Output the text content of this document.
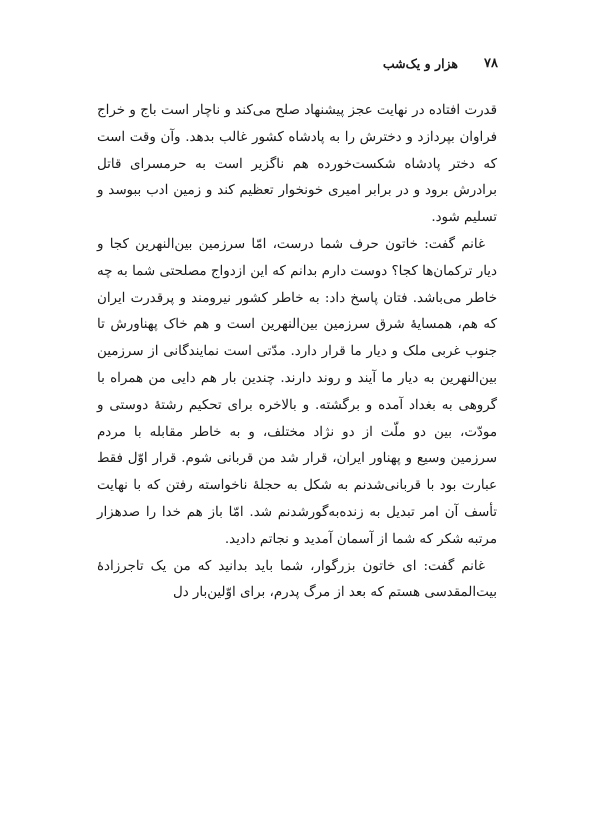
۷۸
هزار و یک‌شب

قدرت افتاده در نهایت عجز پیشنهاد صلح می‌کند و ناچار است باج و خراج فراوان بپردازد و دخترش را به پادشاه کشور غالب بدهد. وآن وقت است که دختر پادشاه شکست‌خورده هم ناگزیر است به حرمسرای قاتل برادرش برود و در برابر امیری خونخوار تعظیم کند و زمین ادب ببوسد و تسلیم شود.

غانم گفت: خاتون حرف شما درست، امّا سرزمین بین‌النهرین کجا و دیار ترکمان‌ها کجا؟ دوست دارم بدانم که این ازدواج مصلحتی شما به چه خاطر می‌باشد. فتان پاسخ داد: به خاطر کشور نیرومند و پرقدرت ایران که هم، همسایهٔ شرق سرزمین بین‌النهرین است و هم خاک پهناورش تا جنوب غربی ملک و دیار ما قرار دارد. مدّتی است نمایندگانی از سرزمین بین‌النهرین به دیار ما آیند و روند دارند. چندین بار هم دایی من همراه با گروهی به بغداد آمده و برگشته. و بالاخره برای تحکیم رشتهٔ دوستی و مودّت، بین دو ملّت از دو نژاد مختلف، و به خاطر مقابله با مردم سرزمین وسیع و پهناور ایران، قرار شد من قربانی شوم. قرار اوّل فقط عبارت بود با قربانی‌شدنم به شکل به حجلهٔ ناخواسته رفتن که با نهایت تأسف آن امر تبدیل به زنده‌به‌گورشدنم شد. امّا باز هم خدا را صدهزار مرتبه شکر که شما از آسمان آمدید و نجاتم دادید.

غانم گفت: ای خاتون بزرگوار، شما باید بدانید که من یک تاجرزادهٔ بیت‌المقدسی هستم که بعد از مرگ پدرم، برای اوّلین‌بار دل
